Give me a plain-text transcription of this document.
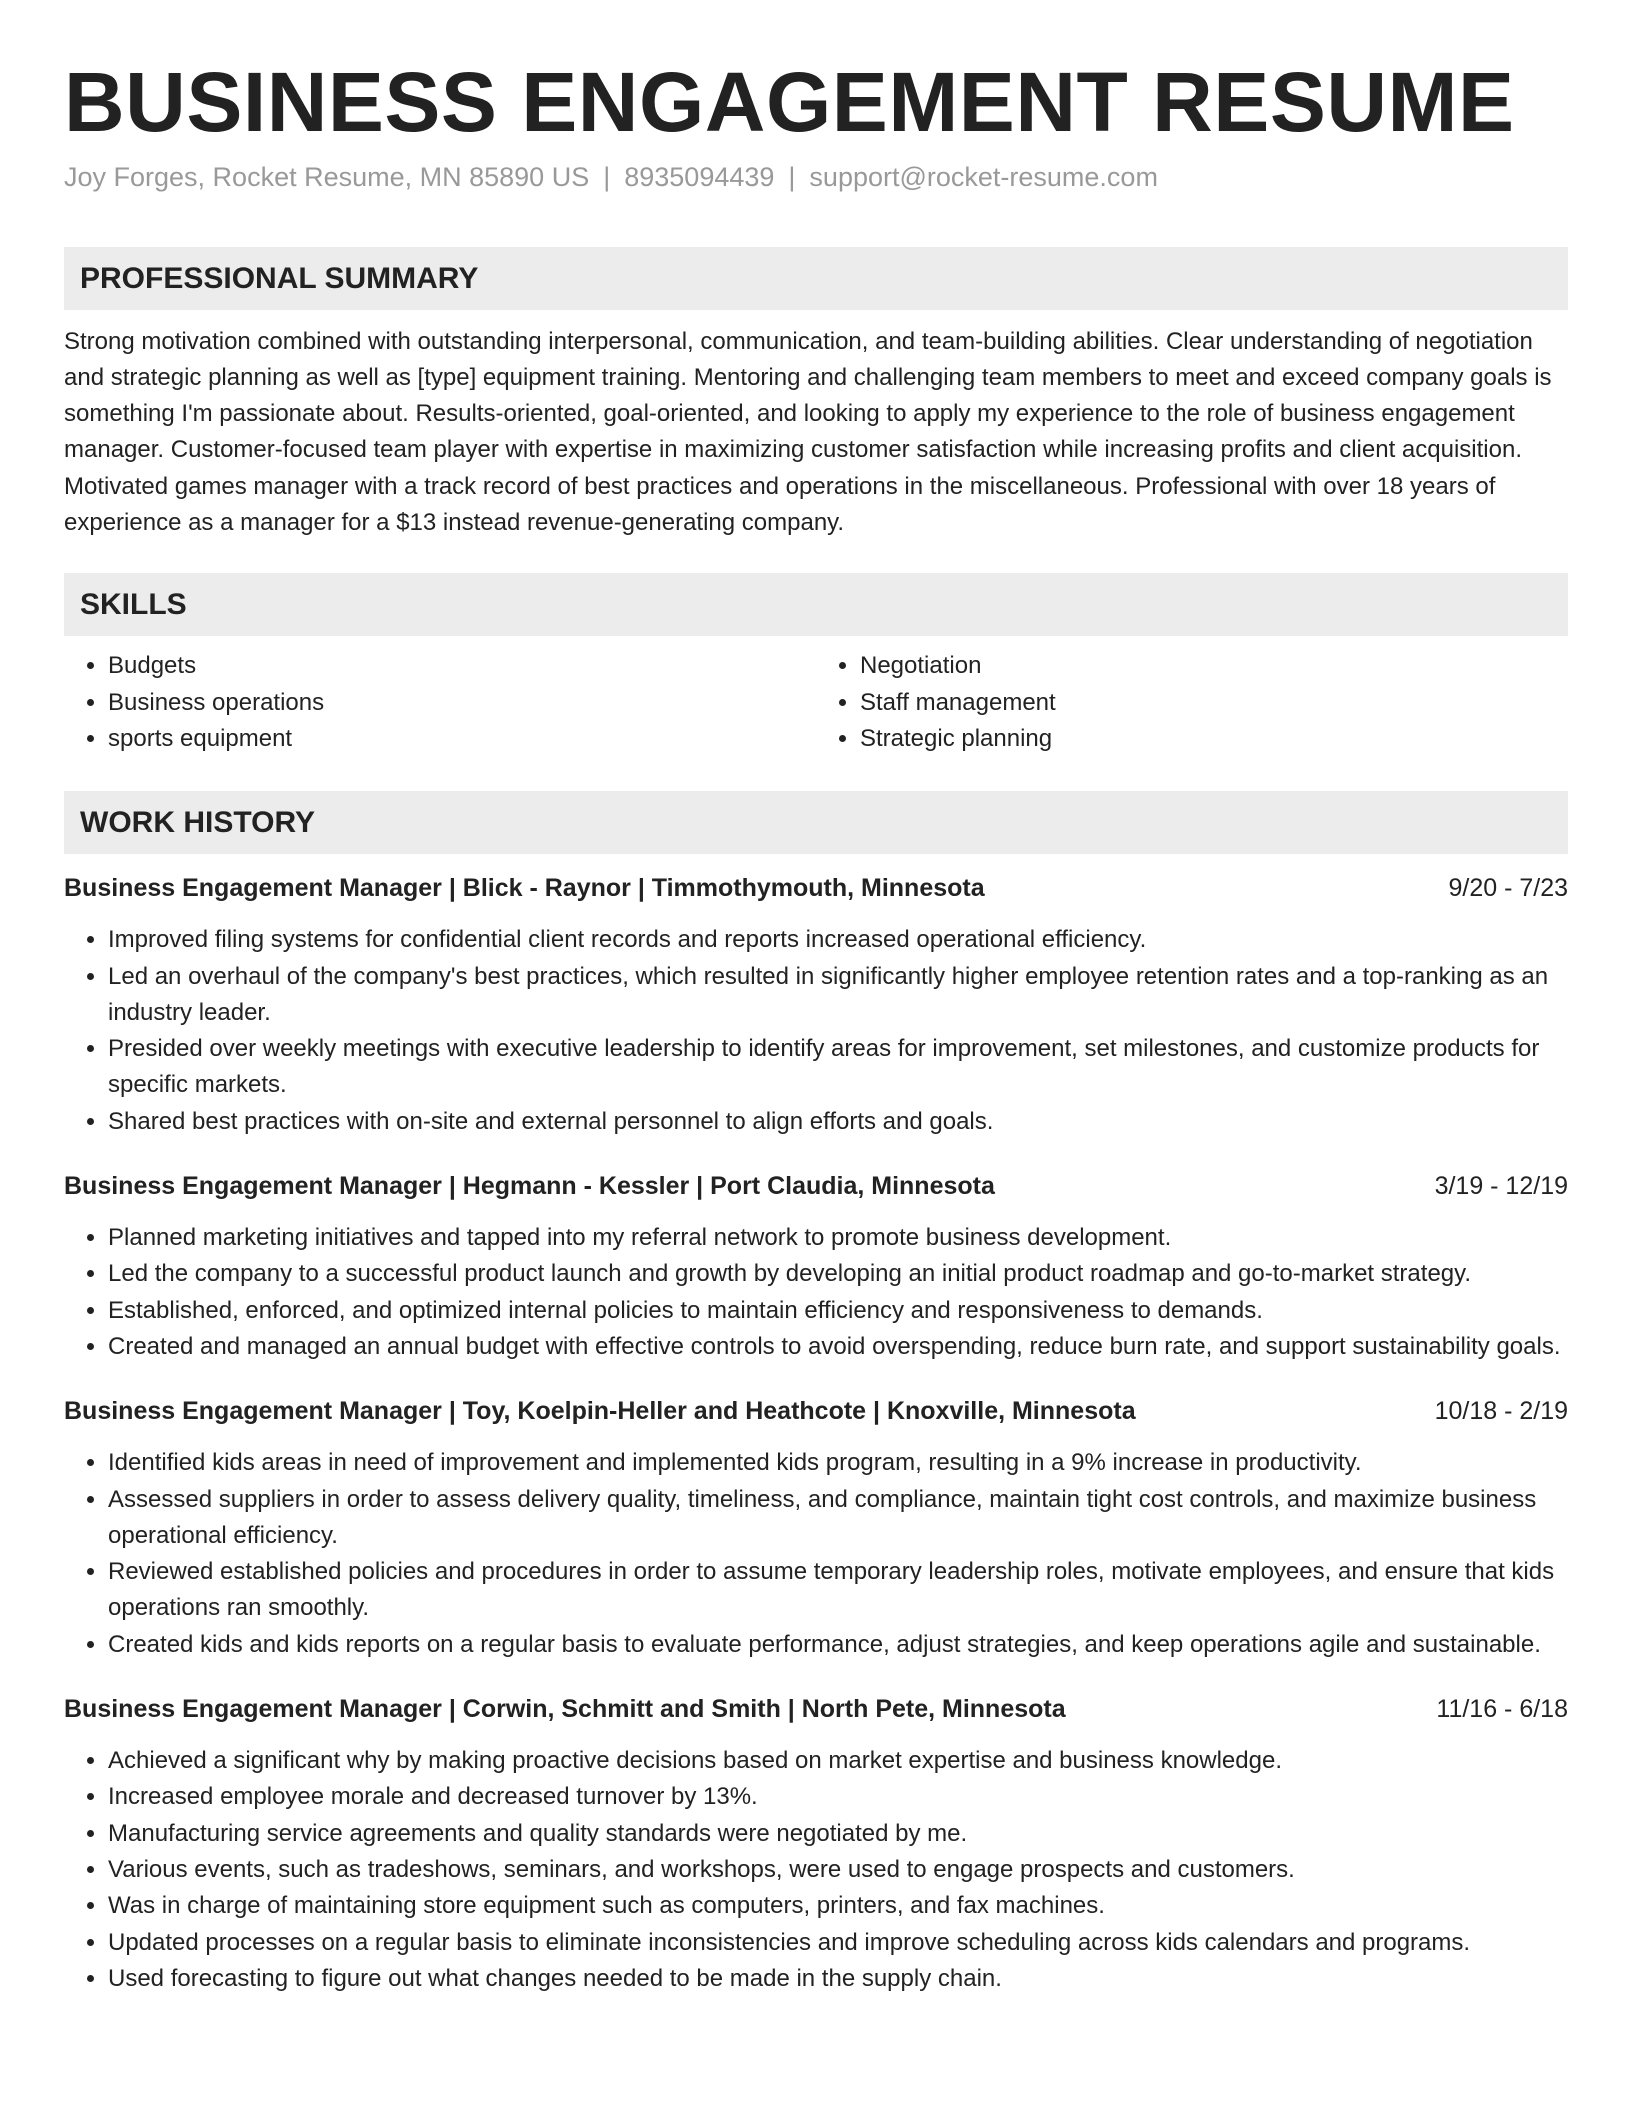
BUSINESS ENGAGEMENT RESUME
Joy Forges, Rocket Resume, MN 85890 US | 8935094439 | support@rocket-resume.com
PROFESSIONAL SUMMARY
Strong motivation combined with outstanding interpersonal, communication, and team-building abilities. Clear understanding of negotiation and strategic planning as well as [type] equipment training. Mentoring and challenging team members to meet and exceed company goals is something I'm passionate about. Results-oriented, goal-oriented, and looking to apply my experience to the role of business engagement manager. Customer-focused team player with expertise in maximizing customer satisfaction while increasing profits and client acquisition. Motivated games manager with a track record of best practices and operations in the miscellaneous. Professional with over 18 years of experience as a manager for a $13 instead revenue-generating company.
SKILLS
• Budgets
• Business operations
• sports equipment
• Negotiation
• Staff management
• Strategic planning
WORK HISTORY
Business Engagement Manager | Blick - Raynor | Timmothymouth, Minnesota	9/20 - 7/23
• Improved filing systems for confidential client records and reports increased operational efficiency.
• Led an overhaul of the company's best practices, which resulted in significantly higher employee retention rates and a top-ranking as an industry leader.
• Presided over weekly meetings with executive leadership to identify areas for improvement, set milestones, and customize products for specific markets.
• Shared best practices with on-site and external personnel to align efforts and goals.
Business Engagement Manager | Hegmann - Kessler | Port Claudia, Minnesota	3/19 - 12/19
• Planned marketing initiatives and tapped into my referral network to promote business development.
• Led the company to a successful product launch and growth by developing an initial product roadmap and go-to-market strategy.
• Established, enforced, and optimized internal policies to maintain efficiency and responsiveness to demands.
• Created and managed an annual budget with effective controls to avoid overspending, reduce burn rate, and support sustainability goals.
Business Engagement Manager | Toy, Koelpin-Heller and Heathcote | Knoxville, Minnesota	10/18 - 2/19
• Identified kids areas in need of improvement and implemented kids program, resulting in a 9% increase in productivity.
• Assessed suppliers in order to assess delivery quality, timeliness, and compliance, maintain tight cost controls, and maximize business operational efficiency.
• Reviewed established policies and procedures in order to assume temporary leadership roles, motivate employees, and ensure that kids operations ran smoothly.
• Created kids and kids reports on a regular basis to evaluate performance, adjust strategies, and keep operations agile and sustainable.
Business Engagement Manager | Corwin, Schmitt and Smith | North Pete, Minnesota	11/16 - 6/18
• Achieved a significant why by making proactive decisions based on market expertise and business knowledge.
• Increased employee morale and decreased turnover by 13%.
• Manufacturing service agreements and quality standards were negotiated by me.
• Various events, such as tradeshows, seminars, and workshops, were used to engage prospects and customers.
• Was in charge of maintaining store equipment such as computers, printers, and fax machines.
• Updated processes on a regular basis to eliminate inconsistencies and improve scheduling across kids calendars and programs.
• Used forecasting to figure out what changes needed to be made in the supply chain.
